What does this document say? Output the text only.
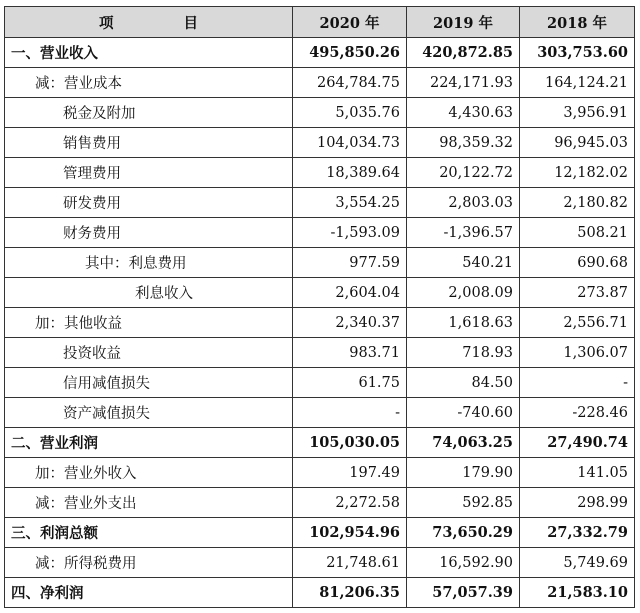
项 目	2020 年	2019 年	2018 年
一、营业收入	495,850.26	420,872.85	303,753.60
减：营业成本	264,784.75	224,171.93	164,124.21
税金及附加	5,035.76	4,430.63	3,956.91
销售费用	104,034.73	98,359.32	96,945.03
管理费用	18,389.64	20,122.72	12,182.02
研发费用	3,554.25	2,803.03	2,180.82
财务费用	-1,593.09	-1,396.57	508.21
其中：利息费用	977.59	540.21	690.68
利息收入	2,604.04	2,008.09	273.87
加：其他收益	2,340.37	1,618.63	2,556.71
投资收益	983.71	718.93	1,306.07
信用减值损失	61.75	84.50	-
资产减值损失	-	-740.60	-228.46
二、营业利润	105,030.05	74,063.25	27,490.74
加：营业外收入	197.49	179.90	141.05
减：营业外支出	2,272.58	592.85	298.99
三、利润总额	102,954.96	73,650.29	27,332.79
减：所得税费用	21,748.61	16,592.90	5,749.69
四、净利润	81,206.35	57,057.39	21,583.10
